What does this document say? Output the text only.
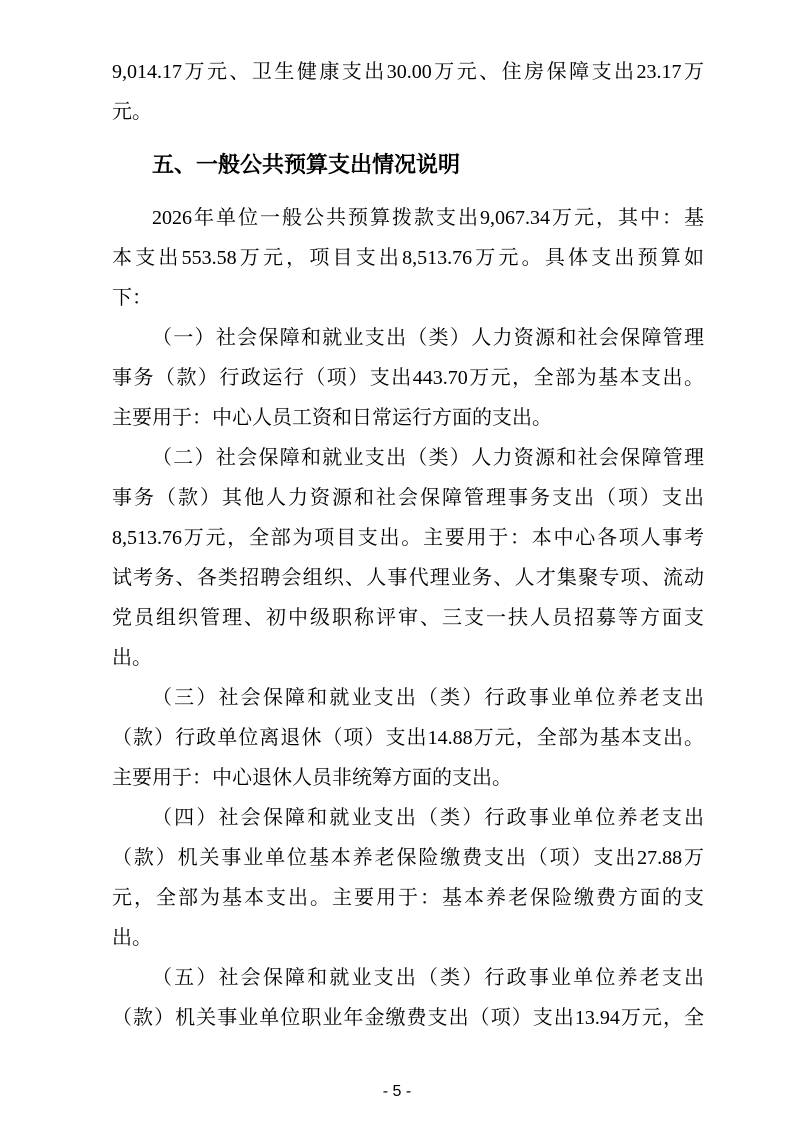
9,014.17万元、卫生健康支出30.00万元、住房保障支出23.17万
元。

五、一般公共预算支出情况说明

2026年单位一般公共预算拨款支出9,067.34万元，其中：基
本支出553.58万元，项目支出8,513.76万元。具体支出预算如
下：

（一）社会保障和就业支出（类）人力资源和社会保障管理
事务（款）行政运行（项）支出443.70万元，全部为基本支出。
主要用于：中心人员工资和日常运行方面的支出。

（二）社会保障和就业支出（类）人力资源和社会保障管理
事务（款）其他人力资源和社会保障管理事务支出（项）支出
8,513.76万元，全部为项目支出。主要用于：本中心各项人事考
试考务、各类招聘会组织、人事代理业务、人才集聚专项、流动
党员组织管理、初中级职称评审、三支一扶人员招募等方面支
出。

（三）社会保障和就业支出（类）行政事业单位养老支出
（款）行政单位离退休（项）支出14.88万元，全部为基本支出。
主要用于：中心退休人员非统筹方面的支出。

（四）社会保障和就业支出（类）行政事业单位养老支出
（款）机关事业单位基本养老保险缴费支出（项）支出27.88万
元，全部为基本支出。主要用于：基本养老保险缴费方面的支
出。

（五）社会保障和就业支出（类）行政事业单位养老支出
（款）机关事业单位职业年金缴费支出（项）支出13.94万元，全

- 5 -
